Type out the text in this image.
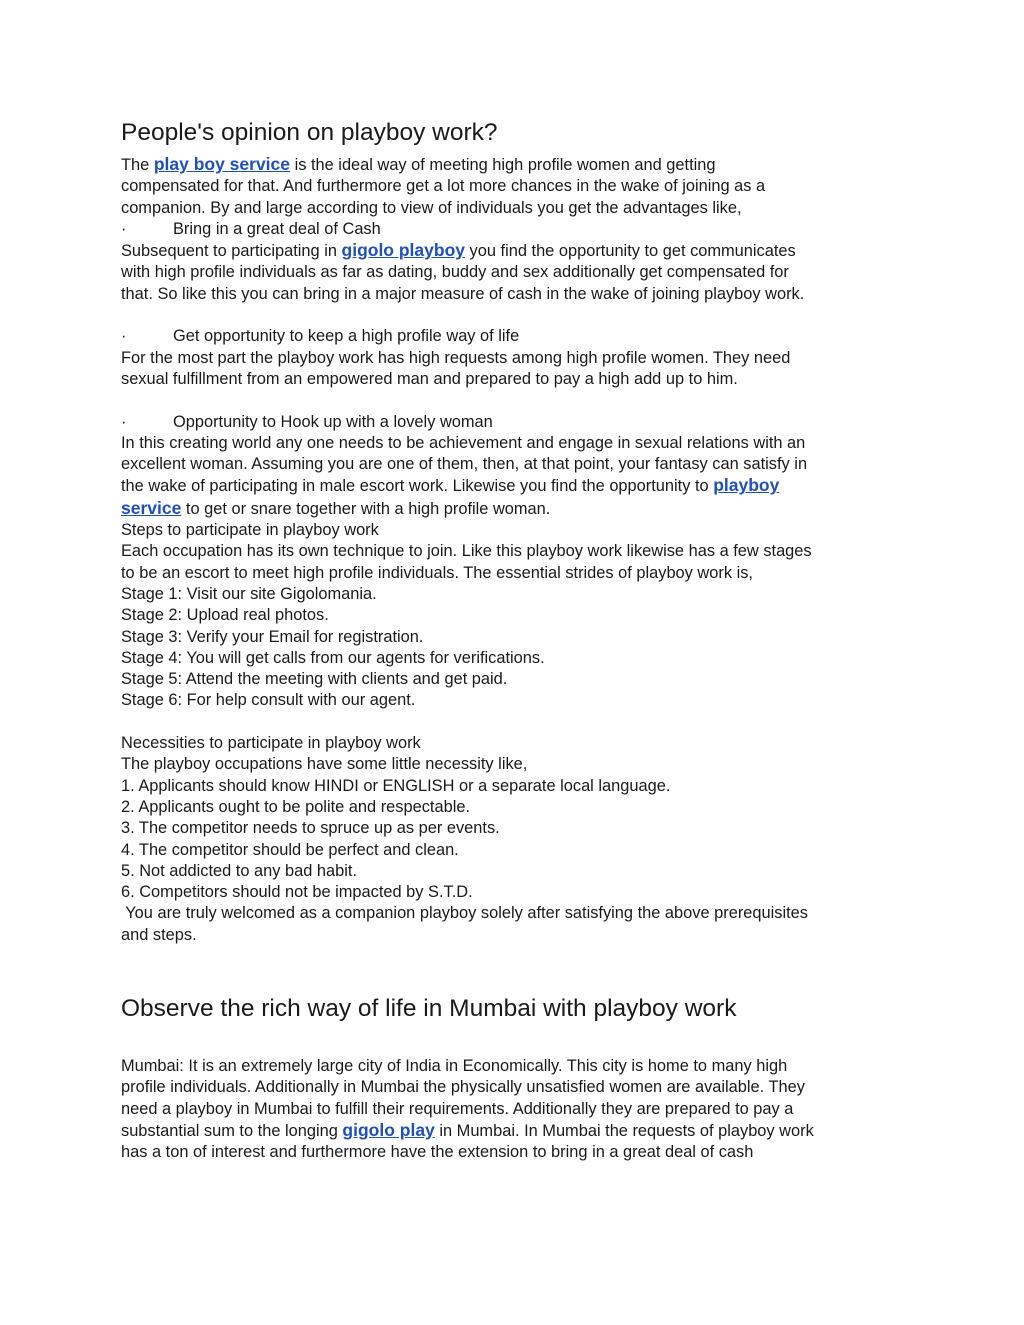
People's opinion on playboy work?

The play boy service is the ideal way of meeting high profile women and getting
compensated for that. And furthermore get a lot more chances in the wake of joining as a
companion. By and large according to view of individuals you get the advantages like,

·	Bring in a great deal of Cash

Subsequent to participating in gigolo playboy you find the opportunity to get communicates
with high profile individuals as far as dating, buddy and sex additionally get compensated for
that. So like this you can bring in a major measure of cash in the wake of joining playboy work.

·	Get opportunity to keep a high profile way of life

For the most part the playboy work has high requests among high profile women. They need
sexual fulfillment from an empowered man and prepared to pay a high add up to him.

·	Opportunity to Hook up with a lovely woman

In this creating world any one needs to be achievement and engage in sexual relations with an
excellent woman. Assuming you are one of them, then, at that point, your fantasy can satisfy in
the wake of participating in male escort work. Likewise you find the opportunity to playboy
service to get or snare together with a high profile woman.

Steps to participate in playboy work
Each occupation has its own technique to join. Like this playboy work likewise has a few stages
to be an escort to meet high profile individuals. The essential strides of playboy work is,
Stage 1: Visit our site Gigolomania.
Stage 2: Upload real photos.
Stage 3: Verify your Email for registration.
Stage 4: You will get calls from our agents for verifications.
Stage 5: Attend the meeting with clients and get paid.
Stage 6: For help consult with our agent.

Necessities to participate in playboy work
The playboy occupations have some little necessity like,
1. Applicants should know HINDI or ENGLISH or a separate local language.
2. Applicants ought to be polite and respectable.
3. The competitor needs to spruce up as per events.
4. The competitor should be perfect and clean.
5. Not addicted to any bad habit.
6. Competitors should not be impacted by S.T.D.
You are truly welcomed as a companion playboy solely after satisfying the above prerequisites
and steps.

Observe the rich way of life in Mumbai with playboy work

Mumbai: It is an extremely large city of India in Economically. This city is home to many high
profile individuals. Additionally in Mumbai the physically unsatisfied women are available. They
need a playboy in Mumbai to fulfill their requirements. Additionally they are prepared to pay a
substantial sum to the longing gigolo play in Mumbai. In Mumbai the requests of playboy work
has a ton of interest and furthermore have the extension to bring in a great deal of cash
